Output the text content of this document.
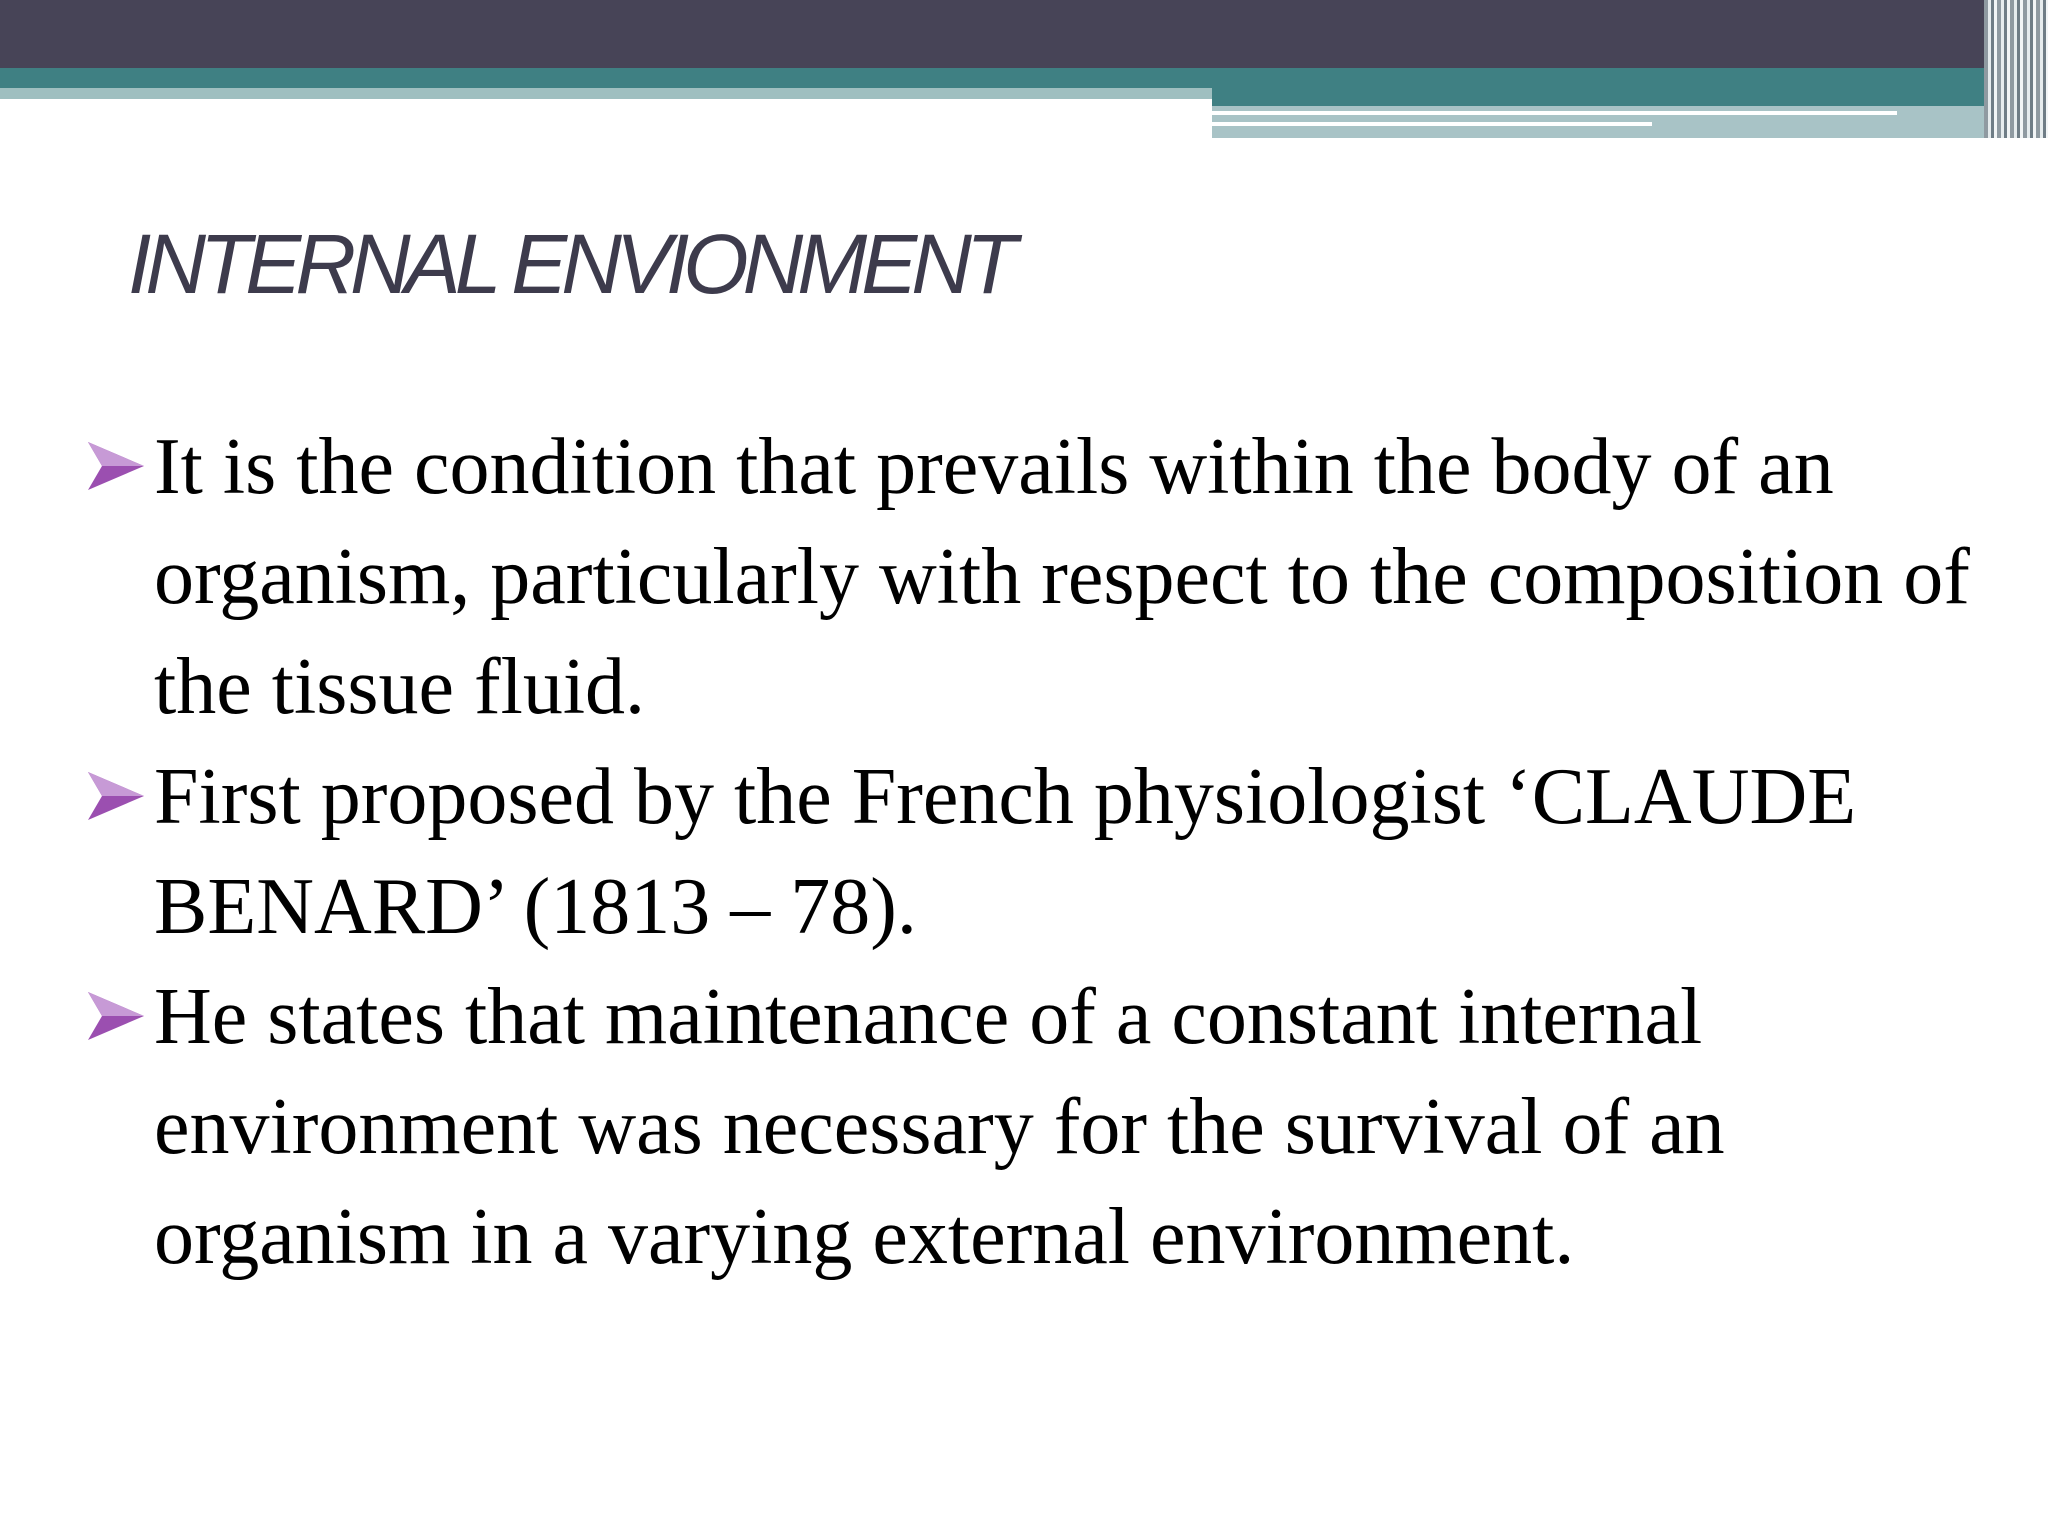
INTERNAL ENVIONMENT
It is the condition that prevails within the body of an organism, particularly with respect to the composition of the tissue fluid.
First proposed by the French physiologist ‘CLAUDE BENARD’ (1813 – 78).
He states that maintenance of a constant internal environment was necessary for the survival of an organism in a varying external environment.
